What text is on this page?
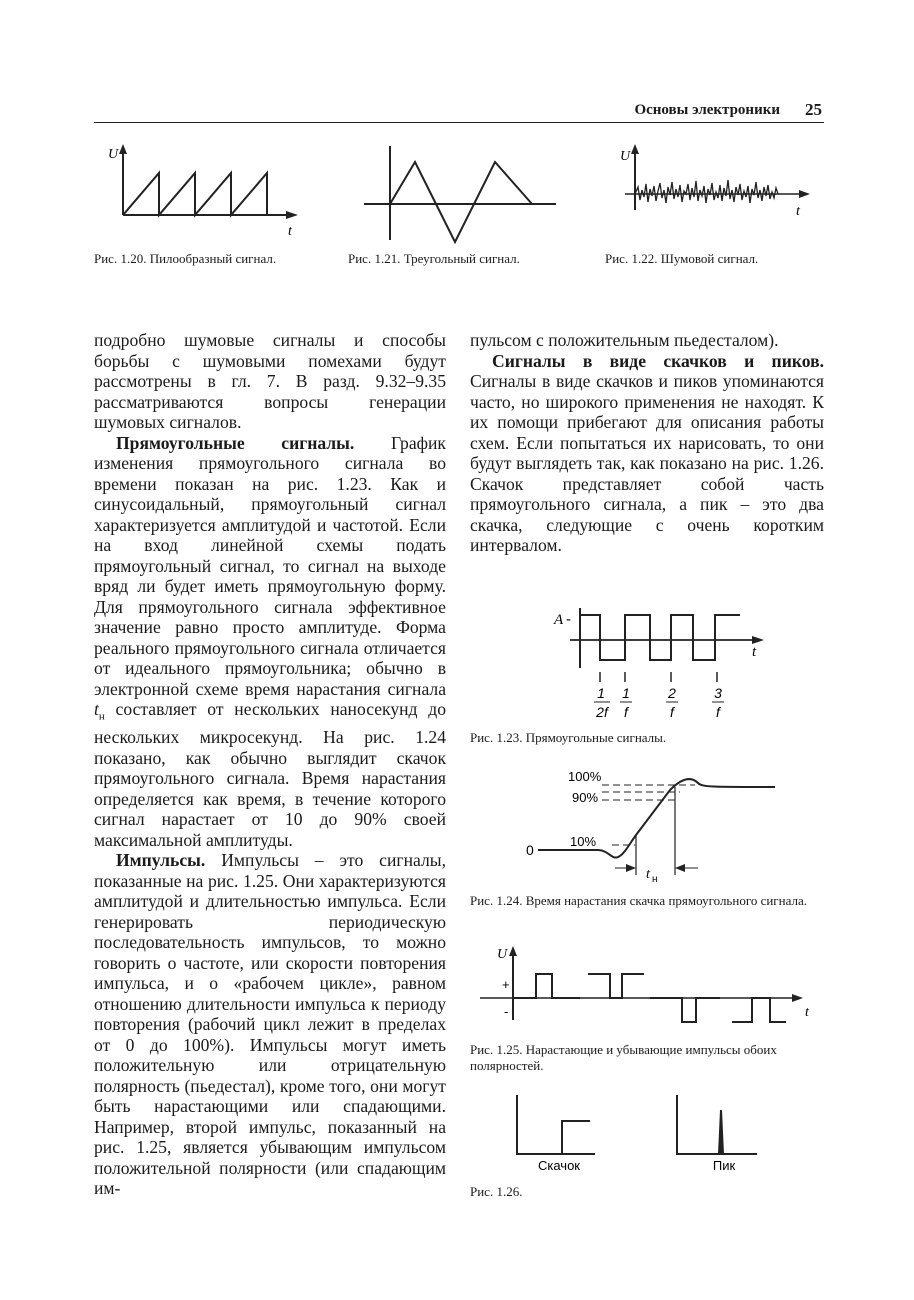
Основы электроники 25
U
t
Рис. 1.20. Пилообразный сигнал.	Рис. 1.21. Треугольный сигнал.
U
t
Рис. 1.22. Шумовой сигнал.

подробно шумовые сигналы и способы борьбы с шумовыми помехами будут рассмотрены в гл. 7. В разд. 9.32–9.35 рассматриваются вопросы генерации шумовых сигналов.

Прямоугольные сигналы. График изменения прямоугольного сигнала во времени показан на рис. 1.23. Как и синусоидальный, прямоугольный сигнал характеризуется амплитудой и частотой. Если на вход линейной схемы подать прямоугольный сигнал, то сигнал на выходе вряд ли будет иметь прямоугольную форму. Для прямоугольного сигнала эффективное значение равно просто амплитуде. Форма реального прямоугольного сигнала отличается от идеального прямоугольника; обычно в электронной схеме время нарастания сигнала $t_н$ составляет от нескольких наносекунд до нескольких микросекунд. На рис. 1.24 показано, как обычно выглядит скачок прямоугольного сигнала. Время нарастания определяется как время, в течение которого сигнал нарастает от 10 до 90% своей максимальной амплитуды.

Импульсы. Импульсы – это сигналы, показанные на рис. 1.25. Они характеризуются амплитудой и длительностью импульса. Если генерировать периодическую последовательность импульсов, то можно говорить о частоте, или скорости повторения импульса, и о «рабочем цикле», равном отношению длительности импульса к периоду повторения (рабочий цикл лежит в пределах от 0 до 100%). Импульсы могут иметь положительную или отрицательную полярность (пьедестал), кроме того, они могут быть нарастающими или спадающими. Например, второй импульс, показанный на рис. 1.25, является убывающим импульсом положительной полярности (или спадающим им-

пульсом с положительным пьедесталом).

Сигналы в виде скачков и пиков. Сигналы в виде скачков и пиков упоминаются часто, но широкого применения не находят. К их помощи прибегают для описания работы схем. Если попытаться их нарисовать, то они будут выглядеть так, как показано на рис. 1.26. Скачок представляет собой часть прямоугольного сигнала, а пик – это два скачка, следующие с очень коротким интервалом.

A -
t
1
2f
1
f
2
f
3
f
Рис. 1.23. Прямоугольные сигналы.
100%
90%
10%
0
t н
Рис. 1.24. Время нарастания скачка прямоугольного сигнала.
U
+
-	t
Рис. 1.25. Нарастающие и убывающие импульсы обоих полярностей.
Скачок	Пик
Рис. 1.26.
